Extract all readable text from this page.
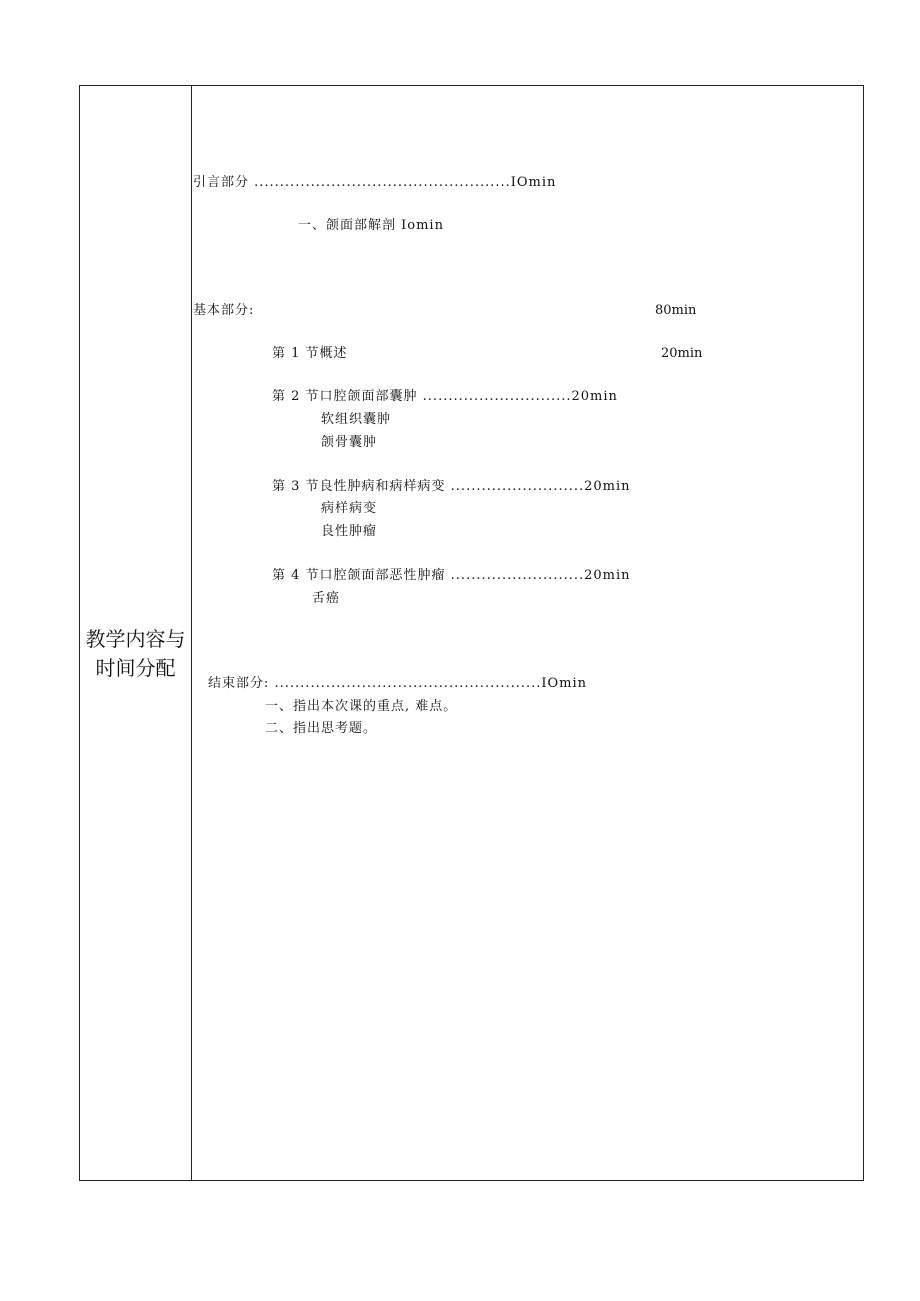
教学内容与
时间分配
引言部分 ..................................................IOmin
一、颌面部解剖 Iomin
基本部分:	80min
第 1 节概述	20min
第 2 节口腔颌面部囊肿 .............................20min
软组织囊肿
颌骨囊肿
第 3 节良性肿病和病样病变 ..........................20min
病样病变
良性肿瘤
第 4 节口腔颌面部恶性肿瘤 ..........................20min
舌癌
结束部分: ....................................................IOmin
一、指出本次课的重点, 难点。
二、指出思考题。
